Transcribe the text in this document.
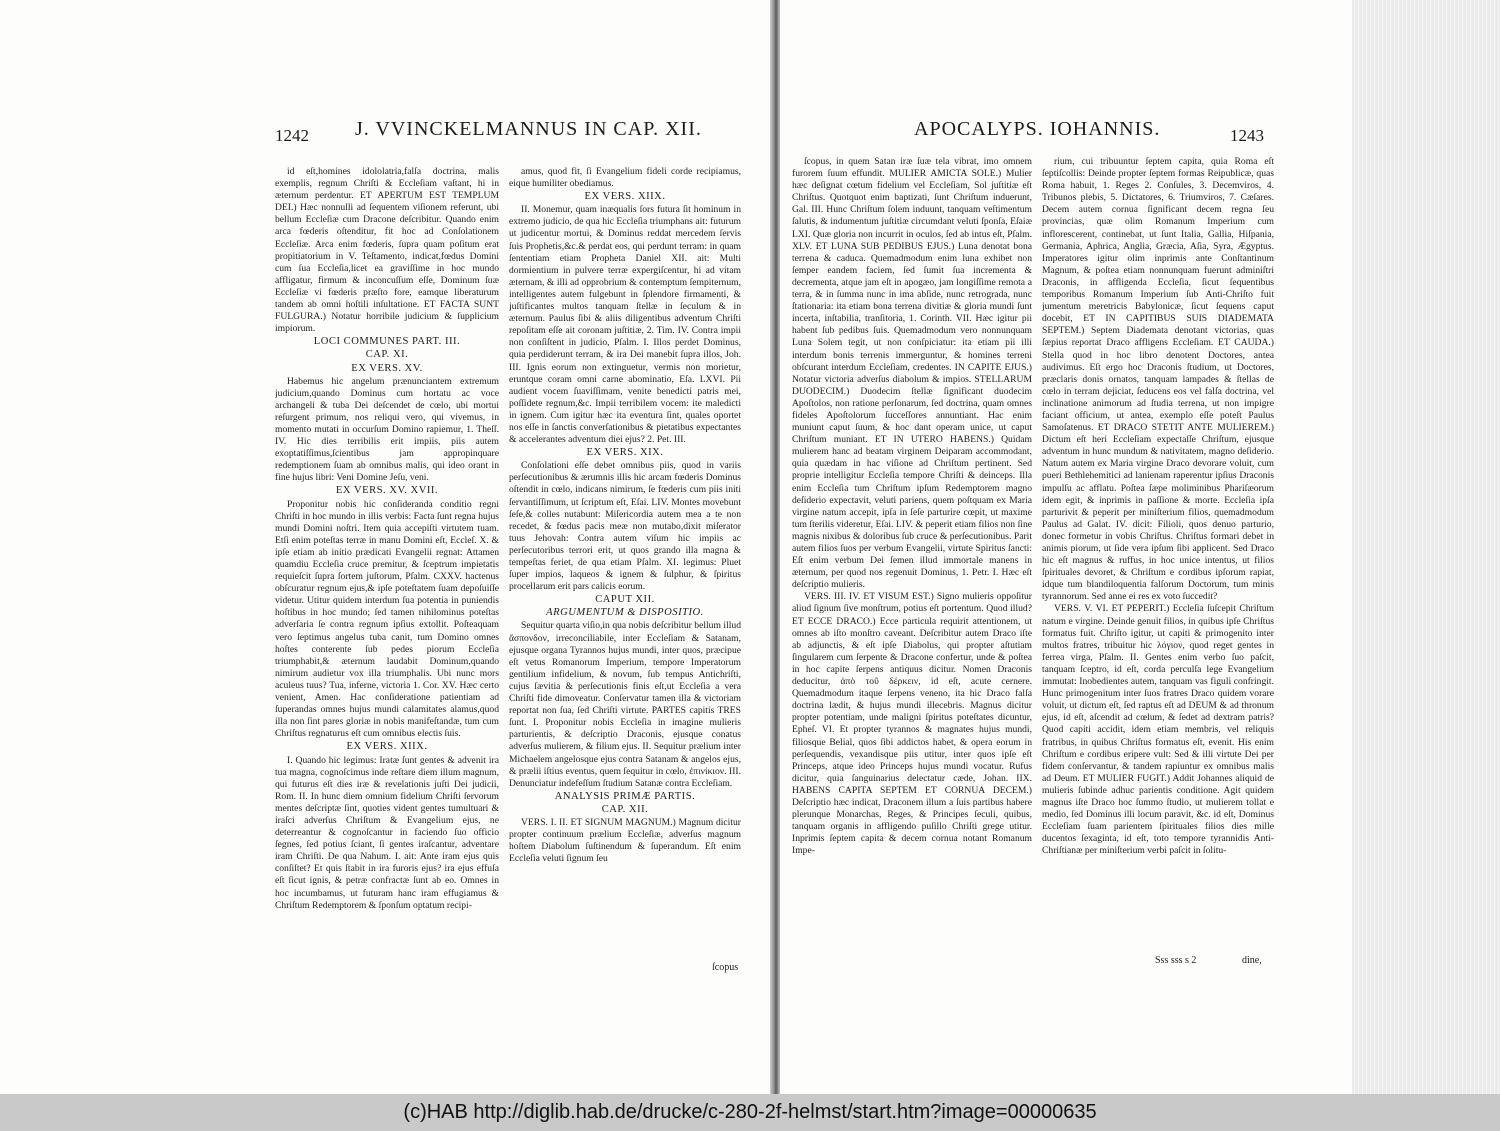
1242 J. VVINCKELMANNUS IN CAP. XII.

id eſt,homines idololatria,falſa doctrina, malis exemplis, regnum Chriſti & Eccleſiam vaſtant, hi in æternum perdentur. ET APERTUM EST TEMPLUM DEI.) Hæc nonnulli ad ſequentem viſionem referunt, ubi bellum Eccleſiæ cum Dracone deſcribitur. Quando enim arca fœderis oſtenditur, fit hoc ad Conſolationem Eccleſiæ. Arca enim fœderis, ſupra quam poſitum erat propitiatorium in V. Teſtamento, indicat,fœdus Domini cum ſua Eccleſia,licet ea graviſſime in hoc mundo affligatur, firmum & inconcuſſum eſſe, Dominum ſuæ Eccleſiæ vi fœderis præſto fore, eamque liberaturum tandem ab omni hoſtili inſultatione. ET FACTA SUNT FULGURA.) Notatur horribile judicium & ſupplicium impiorum.

LOCI COMMUNES PART. III.

CAP. XI.

EX VERS. XV.

Habemus hic angelum prænunciantem extremum judicium,quando Dominus cum hortatu ac voce archangeli & tuba Dei deſcendet de cœlo, ubi mortui reſurgent primum, nos reliqui vero, qui vivemus, in momento mutati in occurſum Domino rapiemur, 1. Theſſ. IV. Hic dies terribilis erit impiis, piis autem exoptatiſſimus,ſcientibus jam appropinquare redemptionem ſuam ab omnibus malis, qui ideo orant in fine hujus libri: Veni Domine Jeſu, veni.

EX VERS. XV. XVII.

Proponitur nobis hic conſideranda conditio regni Chriſti in hoc mundo in illis verbis: Facta ſunt regna hujus mundi Domini noſtri. Item quia accepiſti virtutem tuam. Etſi enim poteſtas terræ in manu Domini eſt, Eccleſ. X. & ipſe etiam ab initio prædicati Evangelii regnat: Attamen quamdiu Eccleſia cruce premitur, & ſceptrum impietatis requieſcit ſupra ſortem juſtorum, Pſalm. CXXV. hactenus obſcuratur regnum ejus,& ipſe poteſtatem ſuam depoſuiſſe videtur. Utitur quidem interdum ſua potentia in puniendis hoſtibus in hoc mundo; ſed tamen nihilominus poteſtas adverſaria ſe contra regnum ipſius extollit. Poſteaquam vero ſeptimus angelus tuba canit, tum Domino omnes hoſtes conterente ſub pedes piorum Eccleſia triumphabit,& æternum laudabit Dominum,quando nimirum audietur vox illa triumphalis. Ubi nunc mors aculeus tuus? Tua, inferne, victoria 1. Cor. XV. Hæc certo venient, Amen. Hac conſideratione patientiam ad ſuperandas omnes hujus mundi calamitates alamus,quod illa non ſint pares gloriæ in nobis manifeſtandæ, tum cum Chriſtus regnaturus eſt cum omnibus electis ſuis.

EX VERS. XIIX.

I. Quando hic legimus: Iratæ ſunt gentes & advenit ira tua magna, cognoſcimus inde reſtare diem illum magnum, qui futurus eſt dies iræ & revelationis juſti Dei judicii, Rom. II. In hunc diem omnium fidelium Chriſti ſervorum mentes deſcriptæ ſint, quoties vident gentes tumultuari & iraſci adverſus Chriſtum & Evangelium ejus, ne deterreantur & cognoſcantur in faciendo ſuo officio ſegnes, ſed potius ſciant, ſi gentes iraſcantur, adventare iram Chriſti. De qua Nahum. I. ait: Ante iram ejus quis conſiſtet? Et quis ſtabit in ira furoris ejus? ira ejus effuſa eſt ſicut ignis, & petræ confractæ ſunt ab eo. Omnes in hoc incumbamus, ut futuram hanc iram effugiamus & Chriſtum Redemptorem & ſponſum optatum recipi-

amus, quod fit, ſi Evangelium fideli corde recipiamus, eique humiliter obediamus.

EX VERS. XIIX.

II. Monemur, quam inæqualis ſors futura ſit hominum in extremo judicio, de qua hic Eccleſia triumphans ait: futurum ut judicentur mortui, & Dominus reddat mercedem ſervis ſuis Prophetis,&c.& perdat eos, qui perdunt terram: in quam ſententiam etiam Propheta Daniel XII. ait: Multi dormientium in pulvere terræ expergiſcentur, hi ad vitam æternam, & illi ad opprobrium & contemptum ſempiternum, intelligentes autem fulgebunt in ſplendore firmamenti, & juſtificantes multos tanquam ſtellæ in ſeculum & in æternum. Paulus ſibi & aliis diligentibus adventum Chriſti repoſitam eſſe ait coronam juſtitiæ, 2. Tim. IV. Contra impii non conſiſtent in judicio, Pſalm. I. Illos perdet Dominus, quia perdiderunt terram, & ira Dei manebit ſupra illos, Joh. III. Ignis eorum non extinguetur, vermis non morietur, eruntque coram omni carne abominatio, Eſa. LXVI. Pii audient vocem ſuaviſſimam, venite benedicti patris mei, poſſidete regnum,&c. Impii terribilem vocem: ite maledicti in ignem. Cum igitur hæc ita eventura ſint, quales oportet nos eſſe in ſanctis converſationibus & pietatibus expectantes & accelerantes adventum diei ejus? 2. Pet. III.

EX VERS. XIX.

Conſolationi eſſe debet omnibus piis, quod in variis perſecutionibus & ærumnis illis hic arcam fœderis Dominus oſtendit in cœlo, indicans nimirum, ſe fœderis cum piis initi ſervantiſſimum, ut ſcriptum eſt, Eſai. LIV. Montes movebunt ſeſe,& colles nutabunt: Miſericordia autem mea a te non recedet, & fœdus pacis meæ non mutabo,dixit miſerator tuus Jehovah: Contra autem viſum hic impiis ac perſecutoribus terrori erit, ut quos grando illa magna & tempeſtas feriet, de qua etiam Pſalm. XI. legimus: Pluet ſuper impios, laqueos & ignem & ſulphur, & ſpiritus procellarum erit pars calicis eorum.

CAPUT XII.

ARGUMENTUM & DISPOSITIO.

Sequitur quarta viſio,in qua nobis deſcribitur bellum illud ἄσπονδον, irreconciliabile, inter Eccleſiam & Satanam, ejusque organa Tyrannos hujus mundi, inter quos, præcipue eſt vetus Romanorum Imperium, tempore Imperatorum gentilium infidelium, & novum, ſub tempus Antichriſti, cujus ſævitia & perſecutionis finis eſt,ut Eccleſia a vera Chriſti fide dimoveatur. Conſervatur tamen illa & victoriam reportat non ſua, ſed Chriſti virtute. PARTES capitis TRES ſunt. I. Proponitur nobis Eccleſia in imagine mulieris parturientis, & deſcriptio Draconis, ejusque conatus adverſus mulierem, & filium ejus. II. Sequitur prælium inter Michaelem angelosque ejus contra Satanam & angelos ejus, & prælii iſtius eventus, quem ſequitur in cœlo, ἐπινίκιον. III. Denunciatur indefeſſum ſtudium Satanæ contra Eccleſiam.

ANALYSIS PRIMÆ PARTIS.

CAP. XII.

VERS. I. II. ET SIGNUM MAGNUM.) Magnum dicitur propter continuum prælium Eccleſiæ, adverſus magnum hoſtem Diabolum ſuſtinendum & ſuperandum. Eſt enim Eccleſia veluti ſignum ſeu

ſcopus
APOCALYPS. IOHANNIS.	1243

ſcopus, in quem Satan iræ ſuæ tela vibrat, imo omnem furorem ſuum effundit. MULIER AMICTA SOLE.) Mulier hæc deſignat cœtum fidelium vel Eccleſiam, Sol juſtitiæ eſt Chriſtus. Quotquot enim baptizati, ſunt Chriſtum induerunt, Gal. III. Hunc Chriſtum ſolem induunt, tanquam veſtimentum ſalutis, & indumentum juſtitiæ circumdant veluti ſponſa, Eſaiæ LXI. Quæ gloria non incurrit in oculos, ſed ab intus eſt, Pſalm. XLV. ET LUNA SUB PEDIBUS EJUS.) Luna denotat bona terrena & caduca. Quemadmodum enim luna exhibet non ſemper eandem faciem, ſed ſumit ſua incrementa & decrementa, atque jam eſt in apogæo, jam longiſſime remota a terra, & in ſumma nunc in ima abſide, nunc retrograda, nunc ſtationaria: ita etiam bona terrena divitiæ & gloria mundi ſunt incerta, inſtabilia, tranſitoria, 1. Corinth. VII. Hæc igitur pii habent ſub pedibus ſuis. Quemadmodum vero nonnunquam Luna Solem tegit, ut non conſpiciatur: ita etiam pii illi interdum bonis terrenis immerguntur, & homines terreni obſcurant interdum Eccleſiam, credentes. IN CAPITE EJUS.) Notatur victoria adverſus diabolum & impios. STELLARUM DUODECIM.) Duodecim ſtellæ ſignificant duodecim Apoſtolos, non ratione perſonarum, ſed doctrina, quam omnes fideles Apoſtolorum ſucceſſores annuntiant. Hac enim muniunt caput ſuum, & hoc dant operam unice, ut caput Chriſtum muniant. ET IN UTERO HABENS.) Quidam mulierem hanc ad beatam virginem Deiparam accommodant, quia quædam in hac viſione ad Chriſtum pertinent. Sed proprie intelligitur Eccleſia tempore Chriſti & deinceps. Illa enim Eccleſia tum Chriſtum ipſum Redemptorem magno deſiderio expectavit, veluti pariens, quem poſtquam ex Maria virgine natum accepit, ipſa in ſeſe parturire cœpit, ut maxime tum ſterilis videretur, Eſai. LIV. & peperit etiam filios non ſine magnis nixibus & doloribus ſub cruce & perſecutionibus. Parit autem filios ſuos per verbum Evangelii, virtute Spiritus ſancti: Eſt enim verbum Dei ſemen illud immortale manens in æternum, per quod nos regenuit Dominus, 1. Petr. I. Hæc eſt deſcriptio mulieris.

VERS. III. IV. ET VISUM EST.) Signo mulieris oppoſitur aliud ſignum ſive monſtrum, potius eſt portentum. Quod illud? ET ECCE DRACO.) Ecce particula requirit attentionem, ut omnes ab iſto monſtro caveant. Deſcribitur autem Draco iſte ab adjunctis, & eſt ipſe Diabolus, qui propter aſtutiam ſingularem cum ſerpente & Dracone confertur, unde & poſtea in hoc capite ſerpens antiquus dicitur. Nomen Draconis deducitur, ἀπὸ τοῦ δέρκειν, id eſt, acute cernere. Quemadmodum itaque ſerpens veneno, ita hic Draco falſa doctrina lædit, & hujus mundi illecebris. Magnus dicitur propter potentiam, unde maligni ſpiritus poteſtates dicuntur, Epheſ. VI. Et propter tyrannos & magnates hujus mundi, filiosque Belial, quos ſibi addictos habet, & opera eorum in perſequendis, vexandisque piis utitur, inter quos ipſe eſt Princeps, atque ideo Princeps hujus mundi vocatur. Rufus dicitur, quia ſanguinarius delectatur cæde, Johan. IIX. HABENS CAPITA SEPTEM ET CORNUA DECEM.) Deſcriptio hæc indicat, Draconem illum a ſuis partibus habere plerunque Monarchas, Reges, & Principes ſeculi, quibus, tanquam organis in affligendo puſillo Chriſti grege utitur. Inprimis ſeptem capita & decem cornua notant Romanum Impe-

rium, cui tribuuntur ſeptem capita, quia Roma eſt ſeptiſcollis: Deinde propter ſeptem formas Reipublicæ, quas Roma habuit, 1. Reges 2. Conſules, 3. Decemviros, 4. Tribunos plebis, 5. Dictatores, 6. Triumviros, 7. Cæſares. Decem autem cornua ſignificant decem regna ſeu provincias, quæ olim Romanum Imperium cum inflorescerent, continebat, ut ſunt Italia, Gallia, Hiſpania, Germania, Aphrica, Anglia, Græcia, Aſia, Syra, Ægyptus. Imperatores igitur olim inprimis ante Conſtantinum Magnum, & poſtea etiam nonnunquam fuerunt adminiſtri Draconis, in affligenda Eccleſia, ſicut ſequentibus temporibus Romanum Imperium ſub Anti-Chriſto fuit jumentum meretricis Babylonicæ, ſicut ſequens caput docebit, ET IN CAPITIBUS SUIS DIADEMATA SEPTEM.) Septem Diademata denotant victorias, quas ſæpius reportat Draco affligens Eccleſiam. ET CAUDA.) Stella quod in hoc libro denotent Doctores, antea audivimus. Eſt ergo hoc Draconis ſtudium, ut Doctores, præclaris donis ornatos, tanquam lampades & ſtellas de cœlo in terram dejiciat, ſeducens eos vel falſa doctrina, vel inclinatione animorum ad ſtudia terrena, ut non impigre faciant officium, ut antea, exemplo eſſe poteſt Paulus Samoſatenus. ET DRACO STETIT ANTE MULIEREM.) Dictum eſt heri Eccleſiam expectaſſe Chriſtum, ejusque adventum in hunc mundum & nativitatem, magno deſiderio. Natum autem ex Maria virgine Draco devorare voluit, cum pueri Bethlehemitici ad lanienam raperentur ipſius Draconis impulſu ac afflatu. Poſtea ſæpe moliminibus Phariſæorum idem egit, & inprimis in paſſione & morte. Eccleſia ipſa parturivit & peperit per miniſterium filios, quemadmodum Paulus ad Galat. IV. dicit: Filioli, quos denuo parturio, donec formetur in vobis Chriſtus. Chriſtus formari debet in animis piorum, ut ſide vera ipſum ſibi applicent. Sed Draco hic eſt magnus & ruffus, in hoc unice intentus, ut filios ſpirituales devoret, & Chriſtum e cordibus ipſorum rapiat, idque tum blandiloquentia falſorum Doctorum, tum minis tyrannorum. Sed anne ei res ex voto ſuccedit?

VERS. V. VI. ET PEPERIT.) Eccleſia ſuſcepit Chriſtum natum e virgine. Deinde genuit filios, in quibus ipſe Chriſtus formatus fuit. Chriſto igitur, ut capiti & primogenito inter multos fratres, tribuitur hic λόγιον, quod reget gentes in ferrea virga, Pſalm. II. Gentes enim verbo ſuo paſcit, tanquam ſceptro, id eſt, corda perculſa lege Evangelium immutat: Inobedientes autem, tanquam vas figuli confringit. Hunc primogenitum inter ſuos fratres Draco quidem vorare voluit, ut dictum eſt, ſed raptus eſt ad DEUM & ad thronum ejus, id eſt, aſcendit ad cœlum, & ſedet ad dextram patris? Quod capiti accidit, idem etiam membris, vel reliquis fratribus, in quibus Chriſtus formatus eſt, evenit. His enim Chriſtum e cordibus eripere vult: Sed & illi virtute Dei per fidem conſervantur, & tandem rapiuntur ex omnibus malis ad Deum. ET MULIER FUGIT.) Addit Johannes aliquid de mulieris ſubinde adhuc parientis conditione. Agit quidem magnus iſte Draco hoc ſummo ſtudio, ut mulierem tollat e medio, ſed Dominus illi locum paravit, &c. id eſt, Dominus Eccleſiam ſuam parientem ſpirituales filios dies mille ducentos ſexaginta, id eſt, toto tempore tyrannidis Anti-Chriſtianæ per miniſterium verbi paſcit in ſolitu-

Sss sss s 2	dine,
(c)HAB http://diglib.hab.de/drucke/c-280-2f-helmst/start.htm?image=00000635
